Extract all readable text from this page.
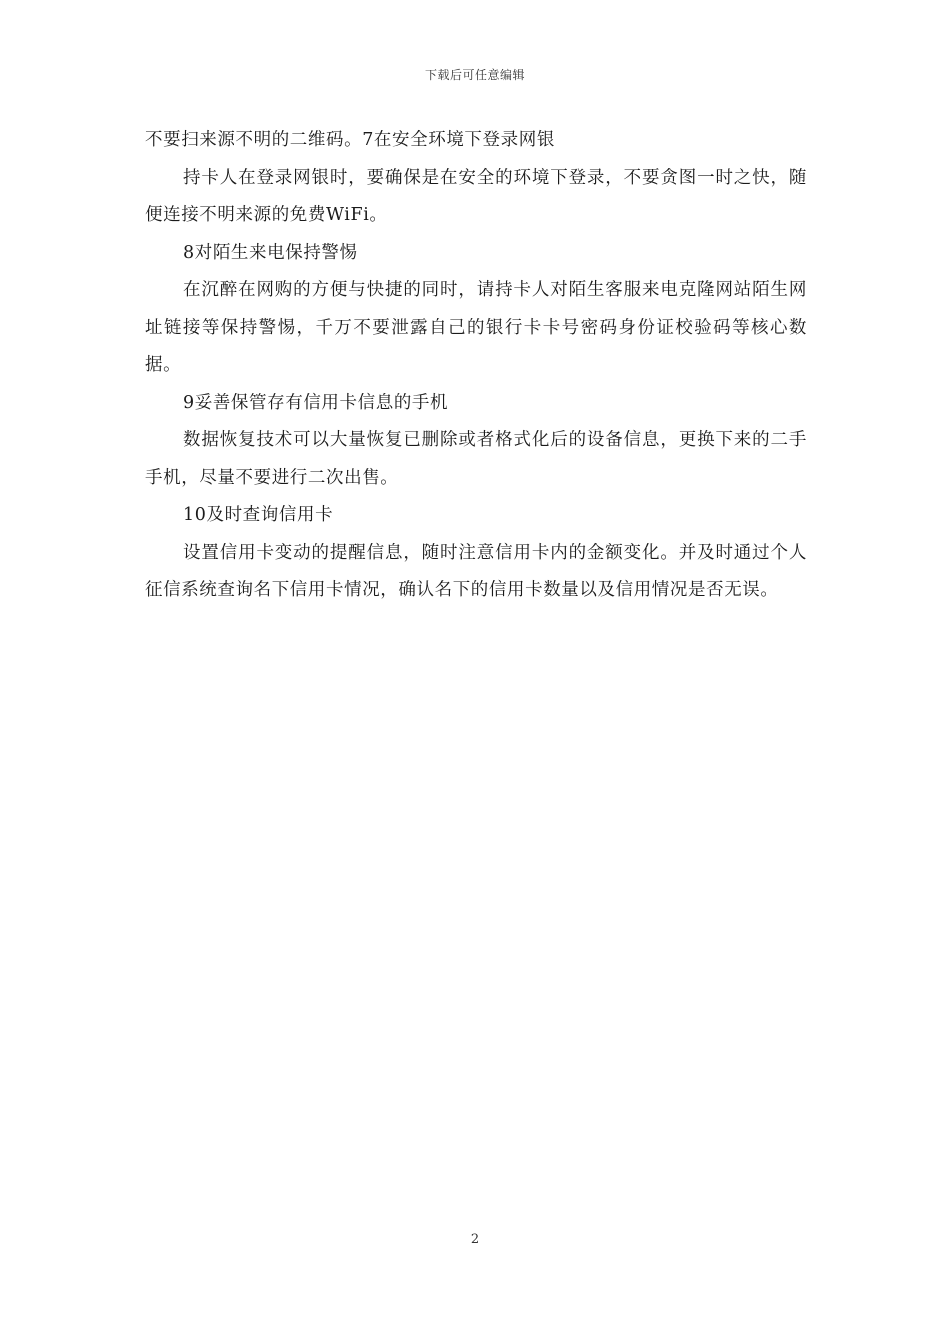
下载后可任意编辑

不要扫来源不明的二维码。7在安全环境下登录网银

持卡人在登录网银时，要确保是在安全的环境下登录，不要贪图一时之快，随便连接不明来源的免费WiFi。

8对陌生来电保持警惕

在沉醉在网购的方便与快捷的同时，请持卡人对陌生客服来电克隆网站陌生网址链接等保持警惕，千万不要泄露自己的银行卡卡号密码身份证校验码等核心数据。

9妥善保管存有信用卡信息的手机

数据恢复技术可以大量恢复已删除或者格式化后的设备信息，更换下来的二手手机，尽量不要进行二次出售。

10及时查询信用卡

设置信用卡变动的提醒信息，随时注意信用卡内的金额变化。并及时通过个人征信系统查询名下信用卡情况，确认名下的信用卡数量以及信用情况是否无误。

2
